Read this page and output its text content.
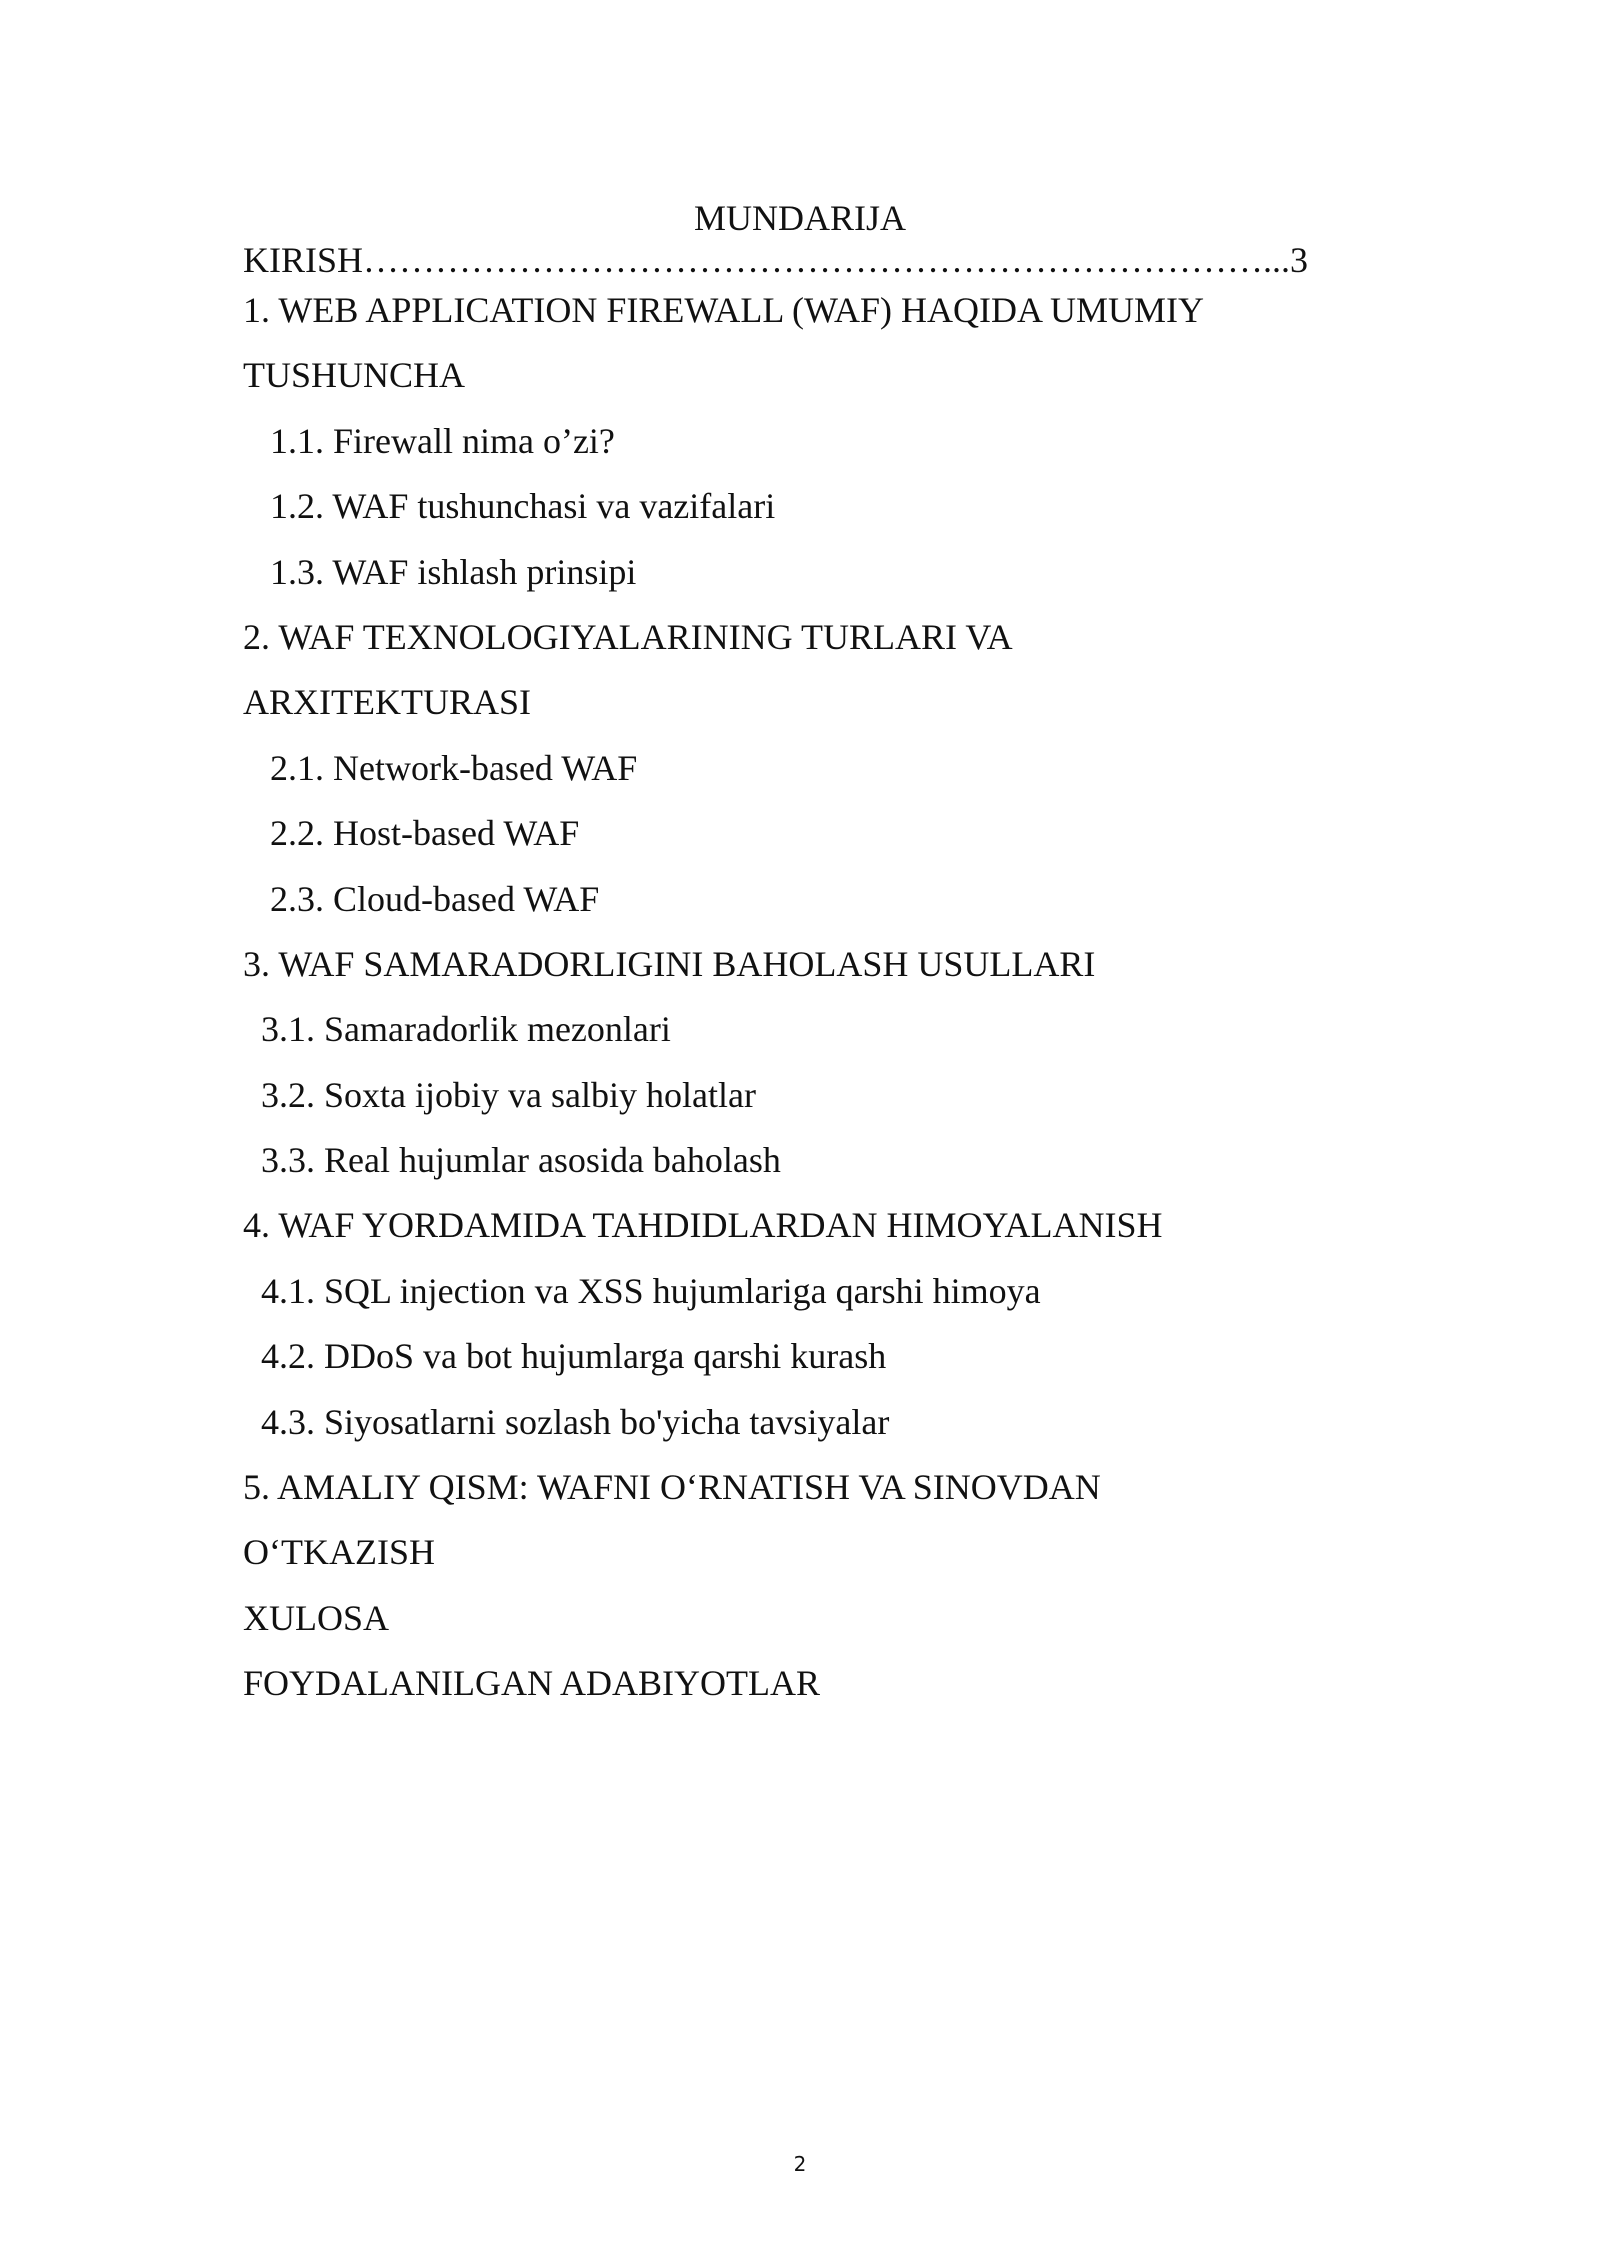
MUNDARIJA
KIRISH…………………………………………………………………...3
1. WEB APPLICATION FIREWALL (WAF) HAQIDA UMUMIY
TUSHUNCHA
1.1. Firewall nima o’zi?
1.2. WAF tushunchasi va vazifalari
1.3. WAF ishlash prinsipi
2. WAF TEXNOLOGIYALARINING TURLARI VA
ARXITEKTURASI
2.1. Network-based WAF
2.2. Host-based WAF
2.3. Cloud-based WAF
3. WAF SAMARADORLIGINI BAHOLASH USULLARI
3.1. Samaradorlik mezonlari
3.2. Soxta ijobiy va salbiy holatlar
3.3. Real hujumlar asosida baholash
4. WAF YORDAMIDA TAHDIDLARDAN HIMOYALANISH
4.1. SQL injection va XSS hujumlariga qarshi himoya
4.2. DDoS va bot hujumlarga qarshi kurash
4.3. Siyosatlarni sozlash bo'yicha tavsiyalar
5. AMALIY QISM: WAFNI O‘RNATISH VA SINOVDAN
O‘TKAZISH
XULOSA
FOYDALANILGAN ADABIYOTLAR
2
